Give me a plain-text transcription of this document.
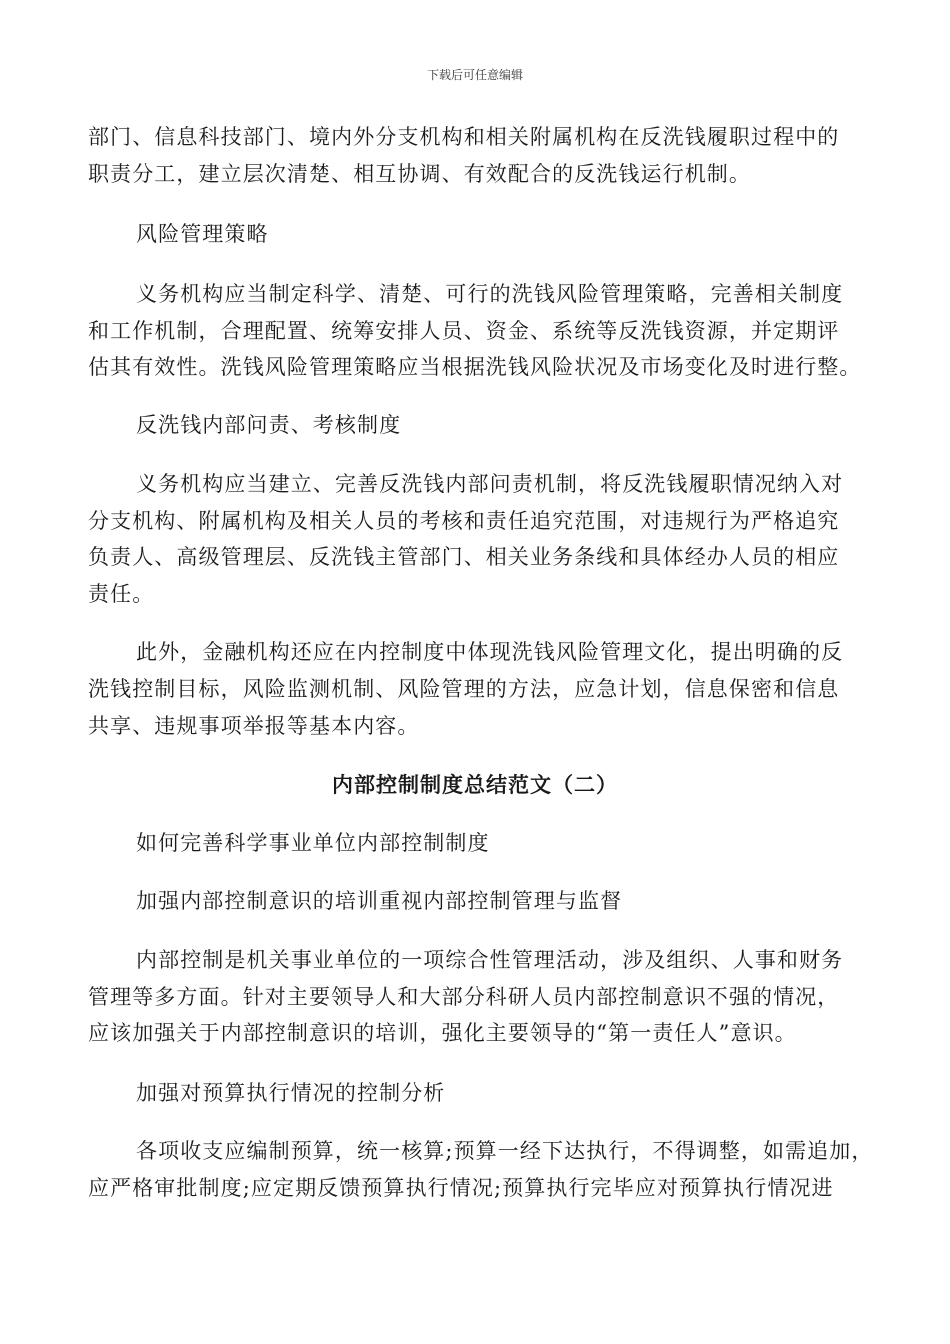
下载后可任意编辑
部门、信息科技部门、境内外分支机构和相关附属机构在反洗钱履职过程中的
职责分工，建立层次清楚、相互协调、有效配合的反洗钱运行机制。
风险管理策略
义务机构应当制定科学、清楚、可行的洗钱风险管理策略，完善相关制度
和工作机制，合理配置、统筹安排人员、资金、系统等反洗钱资源，并定期评
估其有效性。洗钱风险管理策略应当根据洗钱风险状况及市场变化及时进行整。
反洗钱内部问责、考核制度
义务机构应当建立、完善反洗钱内部问责机制，将反洗钱履职情况纳入对
分支机构、附属机构及相关人员的考核和责任追究范围，对违规行为严格追究
负责人、高级管理层、反洗钱主管部门、相关业务条线和具体经办人员的相应
责任。
此外，金融机构还应在内控制度中体现洗钱风险管理文化，提出明确的反
洗钱控制目标，风险监测机制、风险管理的方法，应急计划，信息保密和信息
共享、违规事项举报等基本内容。
内部控制制度总结范文（二）
如何完善科学事业单位内部控制制度
加强内部控制意识的培训重视内部控制管理与监督
内部控制是机关事业单位的一项综合性管理活动，涉及组织、人事和财务
管理等多方面。针对主要领导人和大部分科研人员内部控制意识不强的情况，
应该加强关于内部控制意识的培训，强化主要领导的“第一责任人”意识。
加强对预算执行情况的控制分析
各项收支应编制预算，统一核算;预算一经下达执行，不得调整，如需追加，
应严格审批制度;应定期反馈预算执行情况;预算执行完毕应对预算执行情况进
